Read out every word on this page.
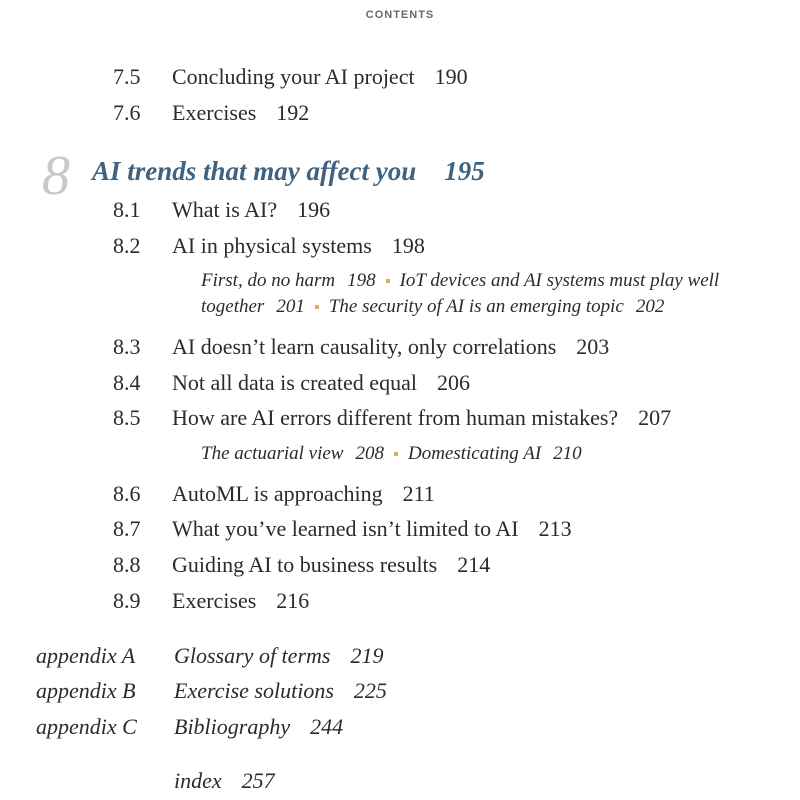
CONTENTS
7.5 Concluding your AI project 190
7.6 Exercises 192
8 AI trends that may affect you 195
8.1 What is AI? 196
8.2 AI in physical systems 198
First, do no harm 198 IoT devices and AI systems must play well
together 201 The security of AI is an emerging topic 202
8.3 AI doesn’t learn causality, only correlations 203
8.4 Not all data is created equal 206
8.5 How are AI errors different from human mistakes? 207
The actuarial view 208 Domesticating AI 210
8.6 AutoML is approaching 211
8.7 What you’ve learned isn’t limited to AI 213
8.8 Guiding AI to business results 214
8.9 Exercises 216
appendix A Glossary of terms 219
appendix B Exercise solutions 225
appendix C Bibliography 244
index 257
